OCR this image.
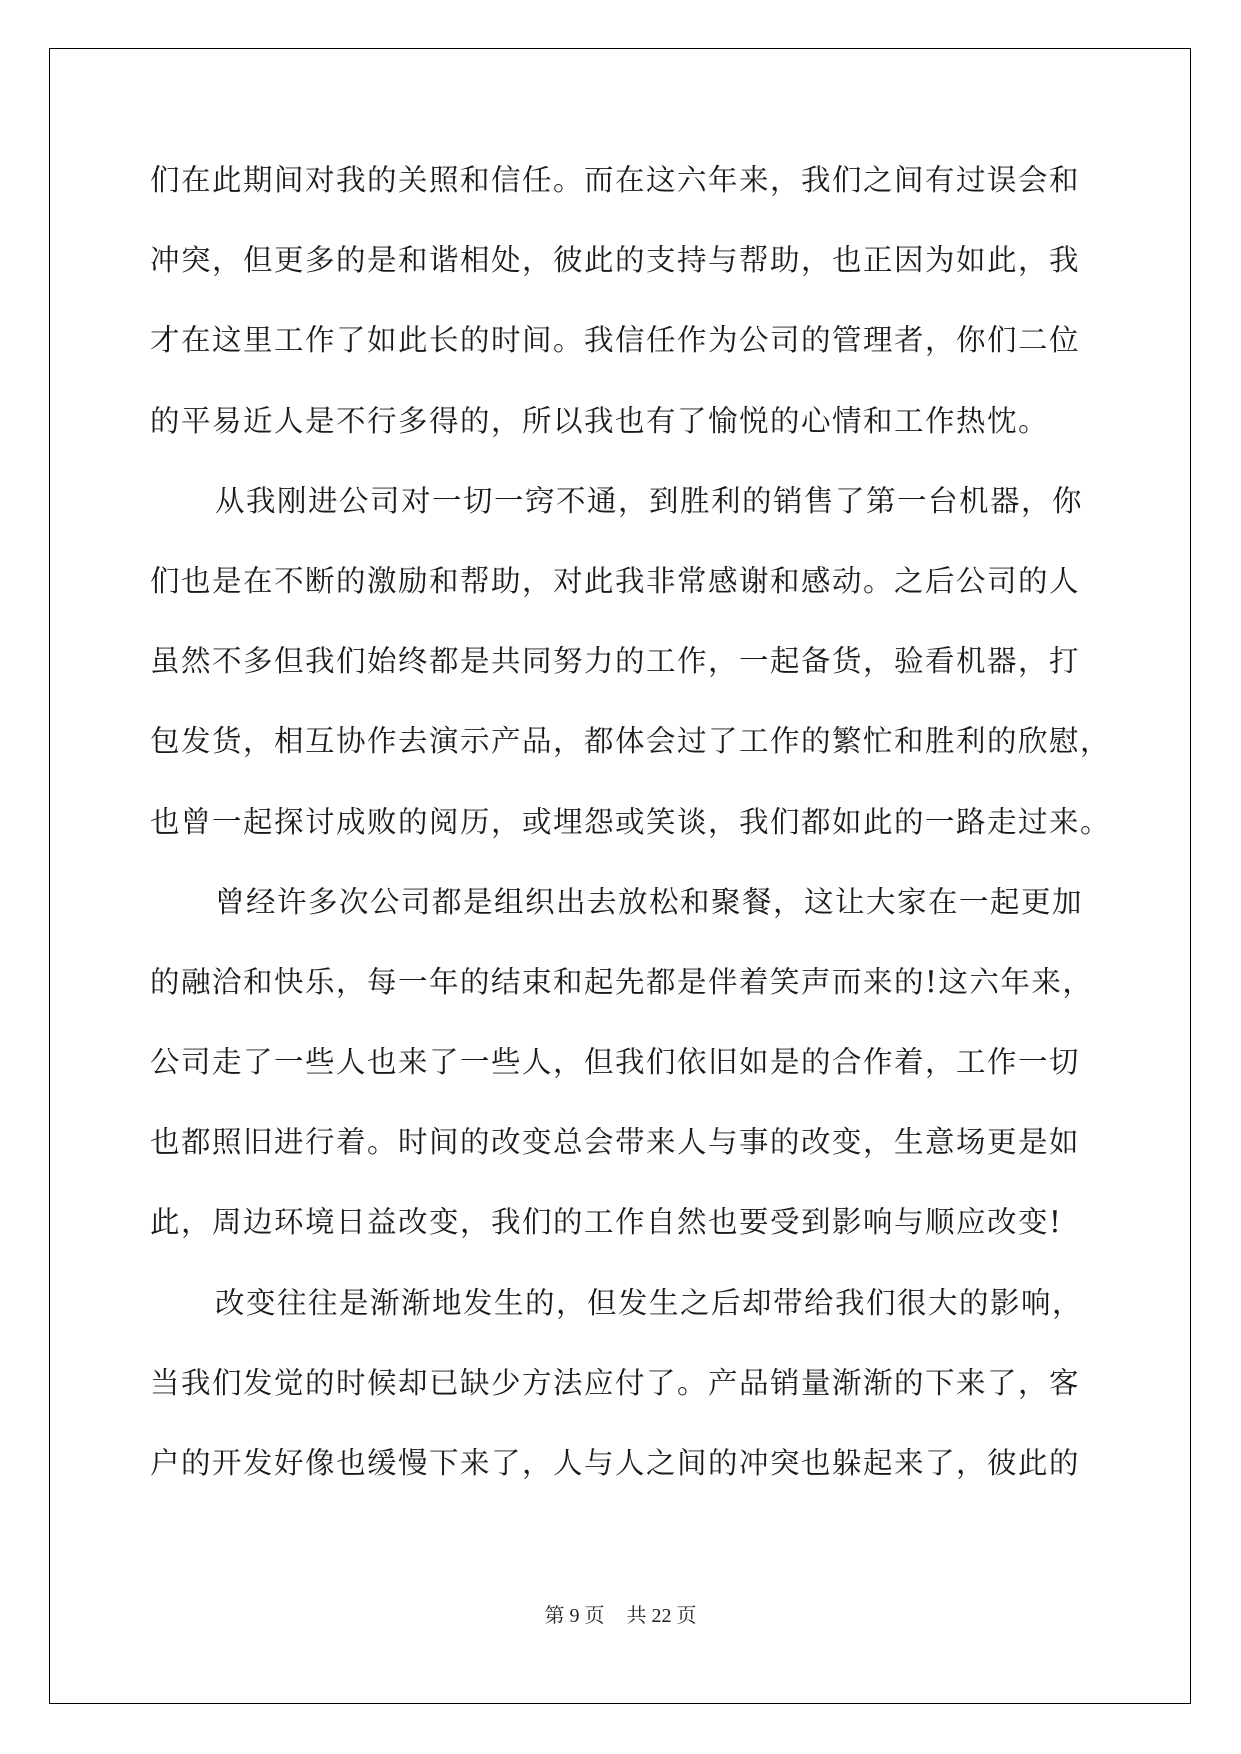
们在此期间对我的关照和信任。而在这六年来，我们之间有过误会和
冲突，但更多的是和谐相处，彼此的支持与帮助，也正因为如此，我
才在这里工作了如此长的时间。我信任作为公司的管理者，你们二位
的平易近人是不行多得的，所以我也有了愉悦的心情和工作热忱。
从我刚进公司对一切一窍不通，到胜利的销售了第一台机器，你
们也是在不断的激励和帮助，对此我非常感谢和感动。之后公司的人
虽然不多但我们始终都是共同努力的工作，一起备货，验看机器，打
包发货，相互协作去演示产品，都体会过了工作的繁忙和胜利的欣慰，
也曾一起探讨成败的阅历，或埋怨或笑谈，我们都如此的一路走过来。
曾经许多次公司都是组织出去放松和聚餐，这让大家在一起更加
的融洽和快乐，每一年的结束和起先都是伴着笑声而来的!这六年来，
公司走了一些人也来了一些人，但我们依旧如是的合作着，工作一切
也都照旧进行着。时间的改变总会带来人与事的改变，生意场更是如
此，周边环境日益改变，我们的工作自然也要受到影响与顺应改变!
改变往往是渐渐地发生的，但发生之后却带给我们很大的影响，
当我们发觉的时候却已缺少方法应付了。产品销量渐渐的下来了，客
户的开发好像也缓慢下来了，人与人之间的冲突也躲起来了，彼此的
第 9 页 共 22 页
